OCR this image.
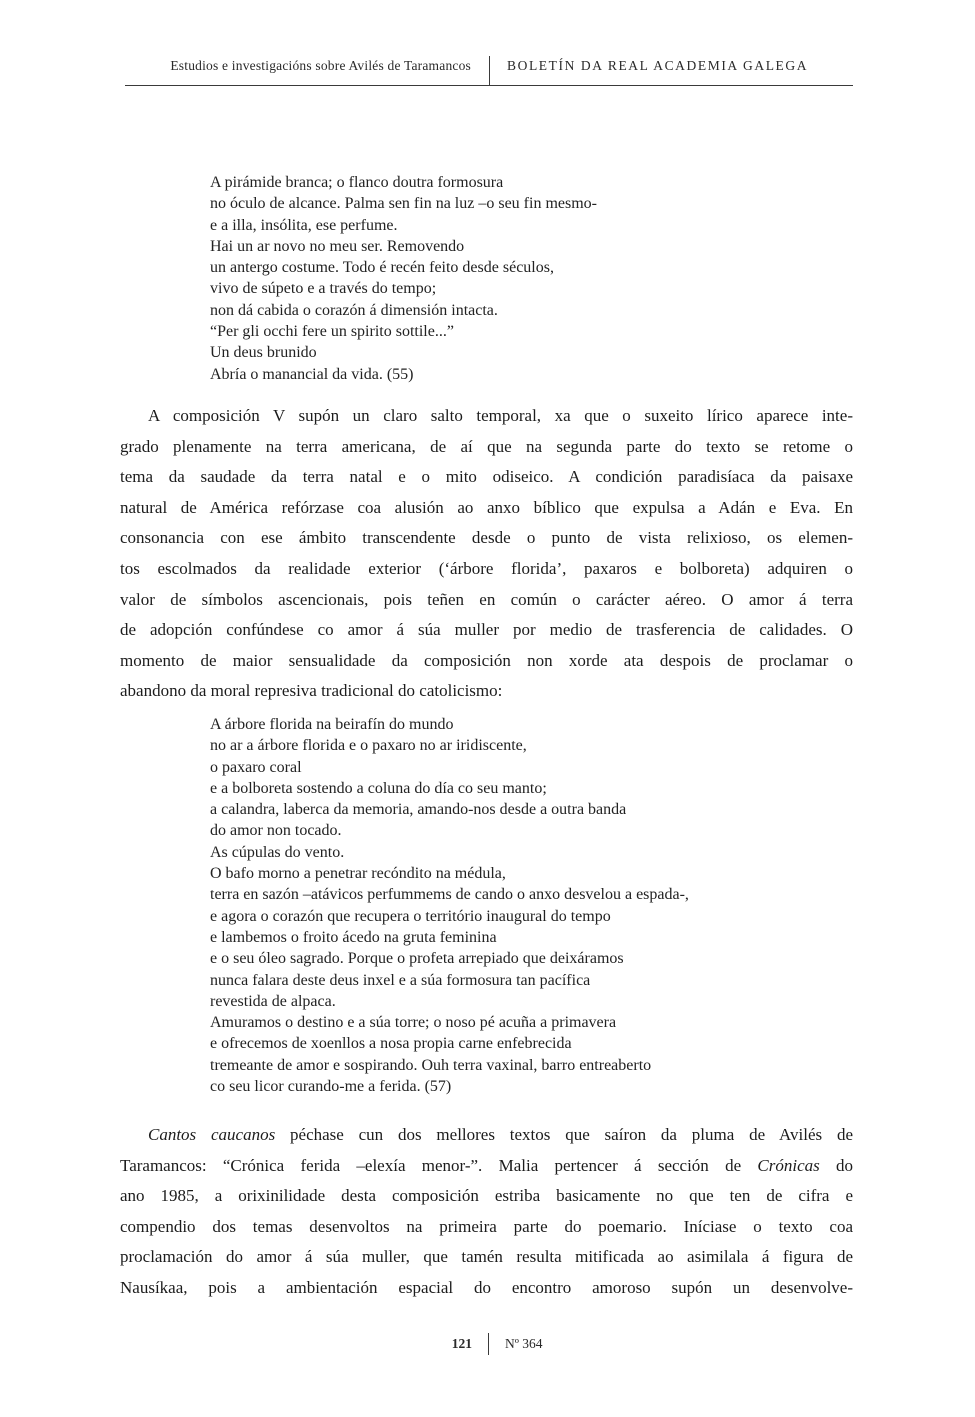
Estudios e investigacións sobre Avilés de Taramancos	BOLETÍN DA REAL ACADEMIA GALEGA
A pirámide branca; o flanco doutra formosura
no óculo de alcance. Palma sen fin na luz –o seu fin mesmo-
e a illa, insólita, ese perfume.
Hai un ar novo no meu ser. Removendo
un antergo costume. Todo é recén feito desde séculos,
vivo de súpeto e a través do tempo;
non dá cabida o corazón á dimensión intacta.
“Per gli occhi fere un spirito sottile...”
Un deus brunido
Abría o manancial da vida. (55)
A composición V supón un claro salto temporal, xa que o suxeito lírico aparece inte-
grado plenamente na terra americana, de aí que na segunda parte do texto se retome o
tema da saudade da terra natal e o mito odiseico. A condición paradisíaca da paisaxe
natural de América refórzase coa alusión ao anxo bíblico que expulsa a Adán e Eva. En
consonancia con ese ámbito transcendente desde o punto de vista relixioso, os elemen-
tos escolmados da realidade exterior (‘árbore florida’, paxaros e bolboreta) adquiren o
valor de símbolos ascencionais, pois teñen en común o carácter aéreo. O amor á terra
de adopción confúndese co amor á súa muller por medio de trasferencia de calidades. O
momento de maior sensualidade da composición non xorde ata despois de proclamar o
abandono da moral represiva tradicional do catolicismo:
A árbore florida na beirafín do mundo
no ar a árbore florida e o paxaro no ar iridiscente,
o paxaro coral
e a bolboreta sostendo a coluna do día co seu manto;
a calandra, laberca da memoria, amando-nos desde a outra banda
do amor non tocado.
As cúpulas do vento.
O bafo morno a penetrar recóndito na médula,
terra en sazón –atávicos perfummems de cando o anxo desvelou a espada-,
e agora o corazón que recupera o território inaugural do tempo
e lambemos o froito ácedo na gruta feminina
e o seu óleo sagrado. Porque o profeta arrepiado que deixáramos
nunca falara deste deus inxel e a súa formosura tan pacífica
revestida de alpaca.
Amuramos o destino e a súa torre; o noso pé acuña a primavera
e ofrecemos de xoenllos a nosa propia carne enfebrecida
tremeante de amor e sospirando. Ouh terra vaxinal, barro entreaberto
co seu licor curando-me a ferida. (57)
Cantos caucanos péchase cun dos mellores textos que saíron da pluma de Avilés de
Taramancos: “Crónica ferida –elexía menor-”. Malia pertencer á sección de Crónicas do
ano 1985, a orixinilidade desta composición estriba basicamente no que ten de cifra e
compendio dos temas desenvoltos na primeira parte do poemario. Iníciase o texto coa
proclamación do amor á súa muller, que tamén resulta mitificada ao asimilala á figura de
Nausíkaa, pois a ambientación espacial do encontro amoroso supón un desenvolve-
121	Nº 364
